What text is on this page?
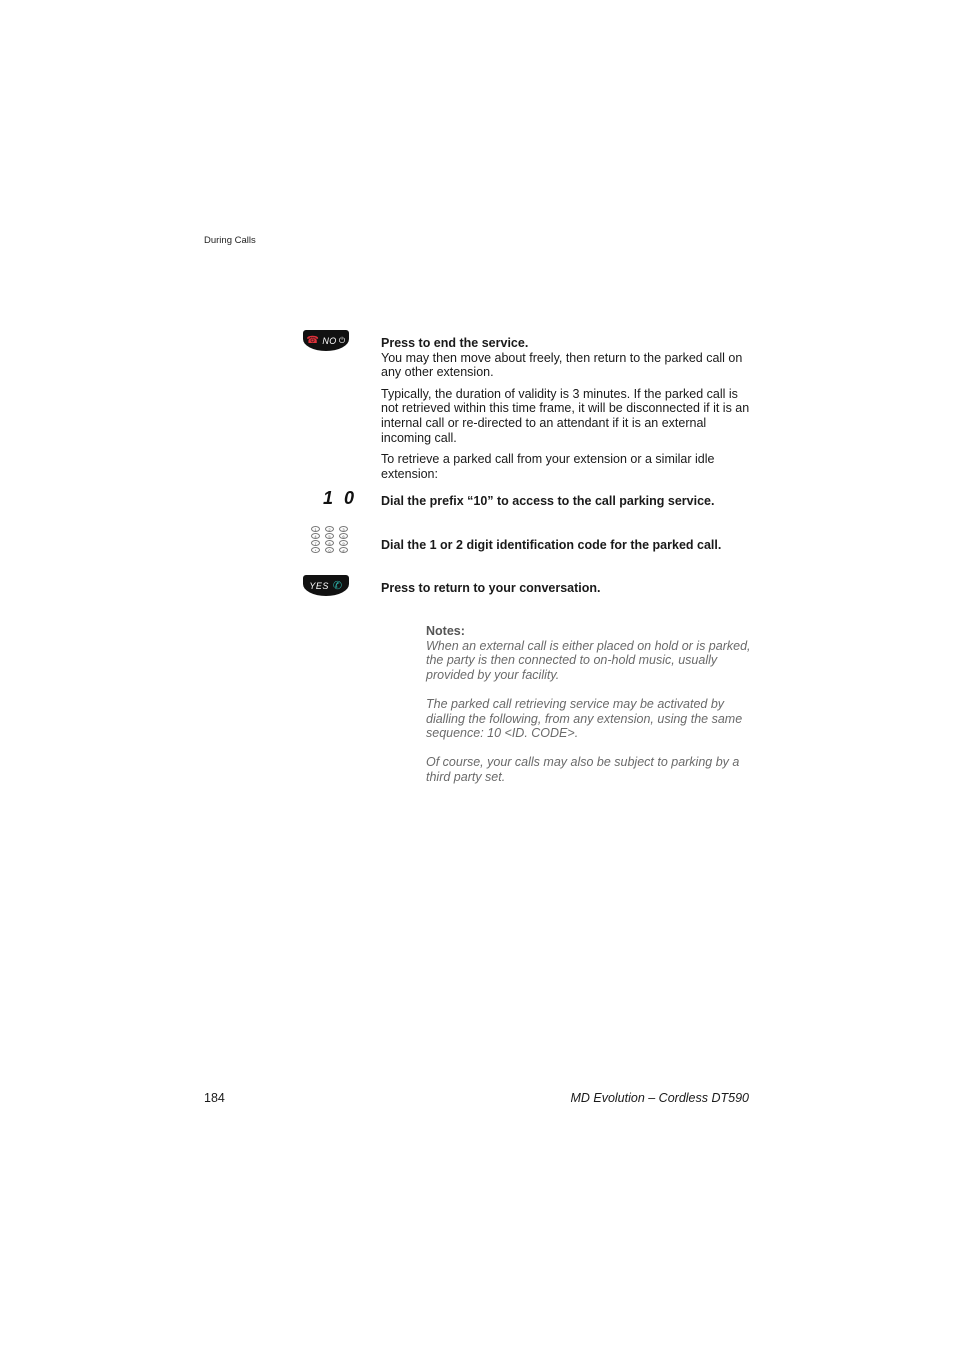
During Calls
☎ NO ⏻	Press to end the service.

You may then move about freely, then return to the parked call on any other extension.

Typically, the duration of validity is 3 minutes. If the parked call is not retrieved within this time frame, it will be disconnected if it is an internal call or re-directed to an attendant if it is an external incoming call.

To retrieve a parked call from your extension or a similar idle extension:

1 0 Dial the prefix “10” to access to the call parking service.
1	2	3
4	5	6
7	8	9
*	0	#	Dial the 1 or 2 digit identification code for the parked call.
YES ✆	Press to return to your conversation.
Notes:

When an external call is either placed on hold or is parked, the party is then connected to on-hold music, usually provided by your facility.

The parked call retrieving service may be activated by dialling the following, from any extension, using the same sequence: 10 <ID. CODE>.

Of course, your calls may also be subject to parking by a third party set.

184	MD Evolution – Cordless DT590
